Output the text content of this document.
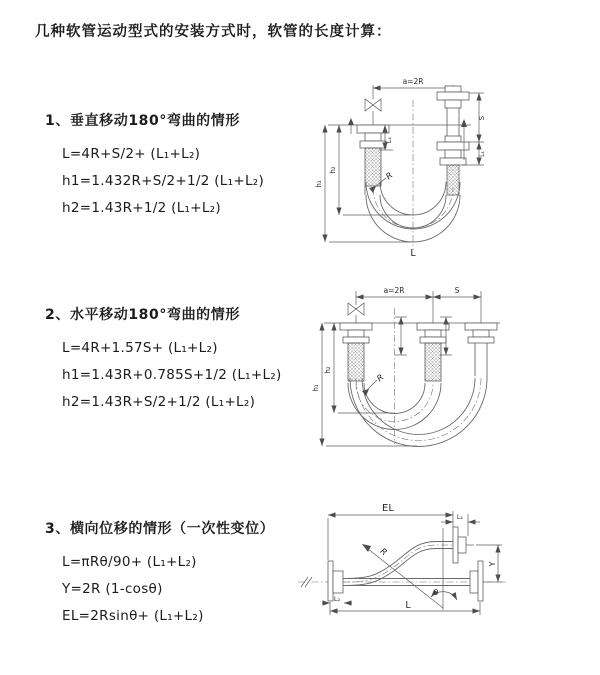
几种软管运动型式的安装方式时，软管的长度计算：
1、垂直移动180°弯曲的情形
L=4R+S/2+ (L₁+L₂)
h1=1.432R+S/2+1/2 (L₁+L₂)
h2=1.43R+1/2 (L₁+L₂)
2、水平移动180°弯曲的情形
L=4R+1.57S+ (L₁+L₂)
h1=1.43R+0.785S+1/2 (L₁+L₂)
h2=1.43R+S/2+1/2 (L₁+L₂)
3、横向位移的情形（一次性变位）
L=πRθ/90+ (L₁+L₂)
Y=2R (1-cosθ)
EL=2Rsinθ+ (L₁+L₂)
a=2R
L₁
S
L₁
h₂
h₁
R
L
a=2R	S
h₂
h₁
R
EL
L₁
Y
R
θ
L
L₂
